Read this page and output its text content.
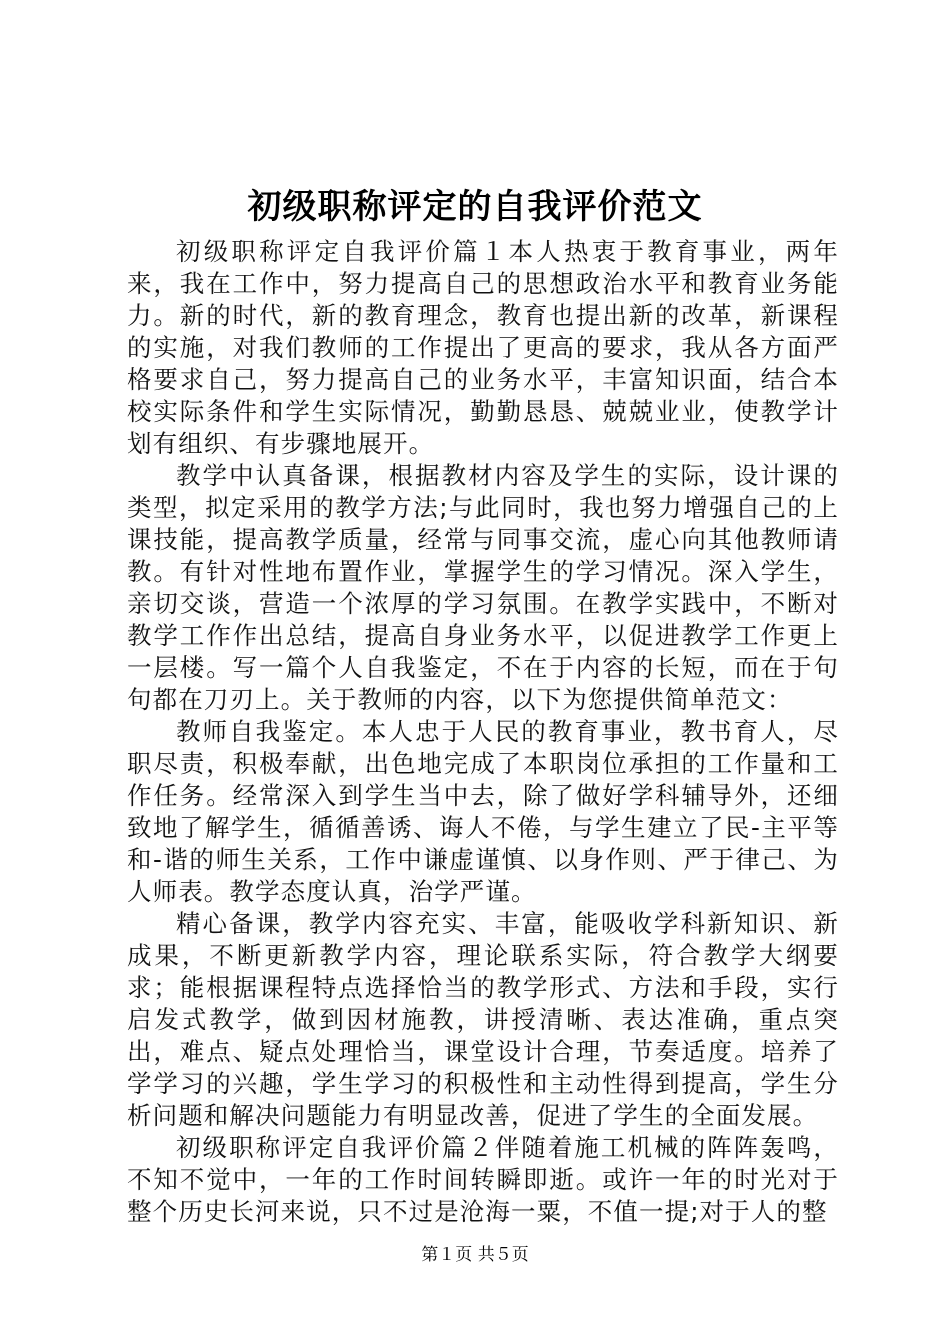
初级职称评定的自我评价范文

初级职称评定自我评价篇１本人热衷于教育事业，两年来，我在工作中，努力提高自己的思想政治水平和教育业务能力。新的时代，新的教育理念，教育也提出新的改革，新课程的实施，对我们教师的工作提出了更高的要求，我从各方面严格要求自己，努力提高自己的业务水平，丰富知识面，结合本校实际条件和学生实际情况，勤勤恳恳、兢兢业业，使教学计划有组织、有步骤地展开。

教学中认真备课，根据教材内容及学生的实际，设计课的类型，拟定采用的教学方法;与此同时，我也努力增强自己的上课技能，提高教学质量，经常与同事交流，虚心向其他教师请教。有针对性地布置作业，掌握学生的学习情况。深入学生，亲切交谈，营造一个浓厚的学习氛围。在教学实践中，不断对教学工作作出总结，提高自身业务水平，以促进教学工作更上一层楼。写一篇个人自我鉴定，不在于内容的长短，而在于句句都在刀刃上。关于教师的内容，以下为您提供简单范文：

教师自我鉴定。本人忠于人民的教育事业，教书育人，尽职尽责，积极奉献，出色地完成了本职岗位承担的工作量和工作任务。经常深入到学生当中去，除了做好学科辅导外，还细致地了解学生，循循善诱、诲人不倦，与学生建立了民-主平等和-谐的师生关系，工作中谦虚谨慎、以身作则、严于律己、为人师表。教学态度认真，治学严谨。

精心备课，教学内容充实、丰富，能吸收学科新知识、新成果，不断更新教学内容，理论联系实际，符合教学大纲要求；能根据课程特点选择恰当的教学形式、方法和手段，实行启发式教学，做到因材施教，讲授清晰、表达准确，重点突出，难点、疑点处理恰当，课堂设计合理，节奏适度。培养了学学习的兴趣，学生学习的积极性和主动性得到提高，学生分析问题和解决问题能力有明显改善，促进了学生的全面发展。

初级职称评定自我评价篇２伴随着施工机械的阵阵轰鸣，不知不觉中，一年的工作时间转瞬即逝。或许一年的时光对于整个历史长河来说，只不过是沧海一粟，不值一提;对于人的整

第１页 共５页
